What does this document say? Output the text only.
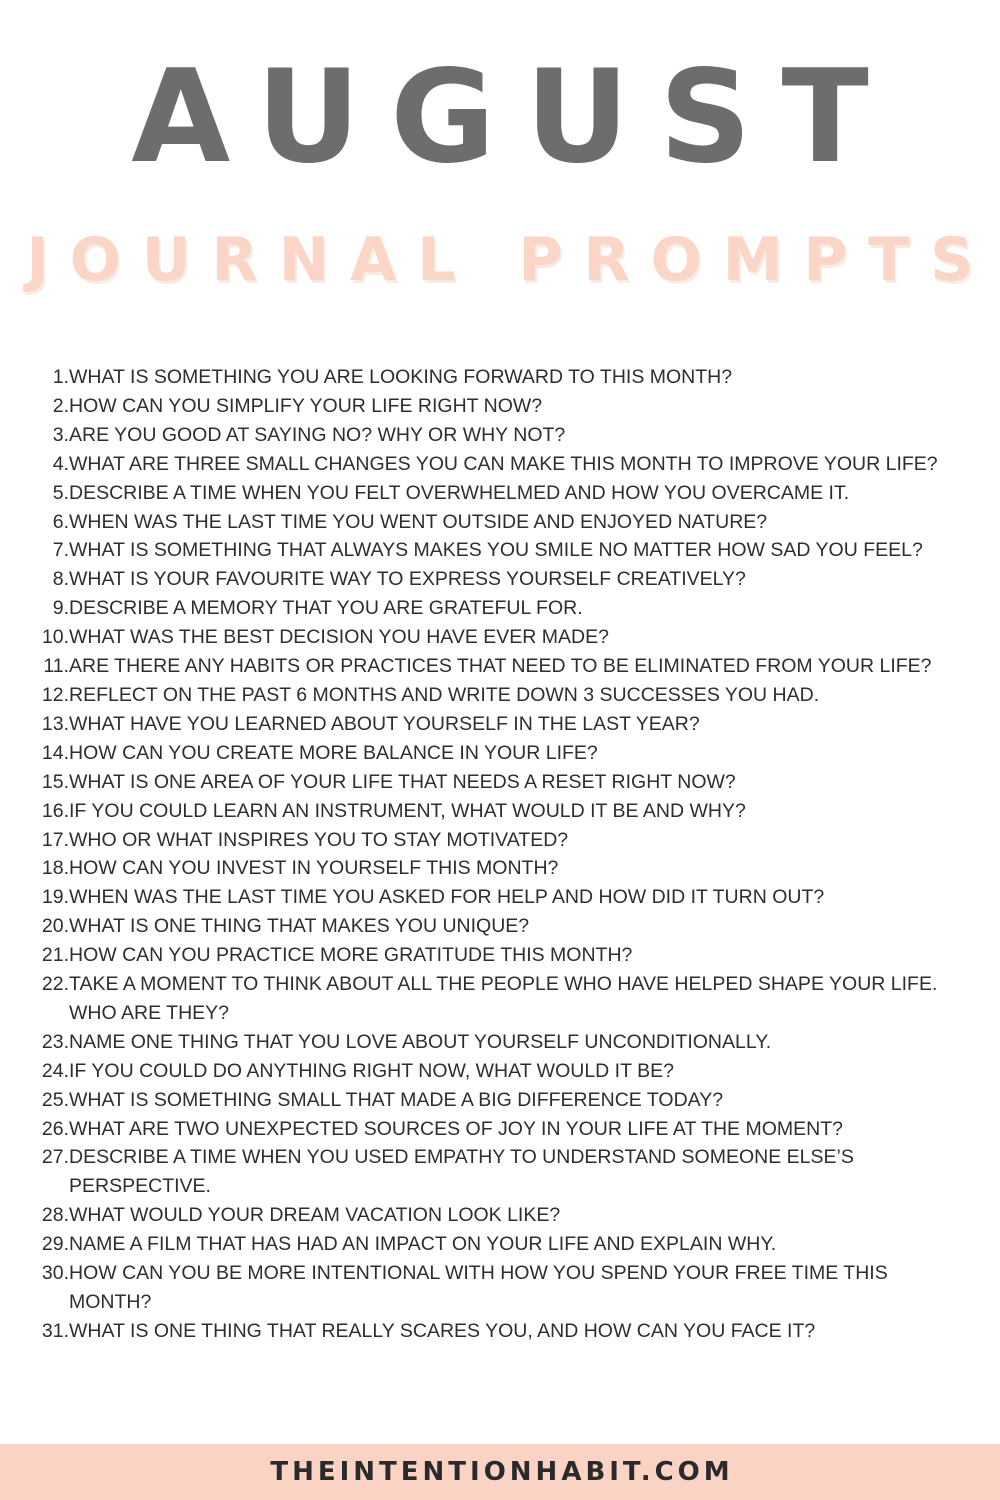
AUGUST
JOURNAL PROMPTS
1. WHAT IS SOMETHING YOU ARE LOOKING FORWARD TO THIS MONTH?
2. HOW CAN YOU SIMPLIFY YOUR LIFE RIGHT NOW?
3. ARE YOU GOOD AT SAYING NO? WHY OR WHY NOT?
4. WHAT ARE THREE SMALL CHANGES YOU CAN MAKE THIS MONTH TO IMPROVE YOUR LIFE?
5. DESCRIBE A TIME WHEN YOU FELT OVERWHELMED AND HOW YOU OVERCAME IT.
6. WHEN WAS THE LAST TIME YOU WENT OUTSIDE AND ENJOYED NATURE?
7. WHAT IS SOMETHING THAT ALWAYS MAKES YOU SMILE NO MATTER HOW SAD YOU FEEL?
8. WHAT IS YOUR FAVOURITE WAY TO EXPRESS YOURSELF CREATIVELY?
9. DESCRIBE A MEMORY THAT YOU ARE GRATEFUL FOR.
10. WHAT WAS THE BEST DECISION YOU HAVE EVER MADE?
11. ARE THERE ANY HABITS OR PRACTICES THAT NEED TO BE ELIMINATED FROM YOUR LIFE?
12. REFLECT ON THE PAST 6 MONTHS AND WRITE DOWN 3 SUCCESSES YOU HAD.
13. WHAT HAVE YOU LEARNED ABOUT YOURSELF IN THE LAST YEAR?
14. HOW CAN YOU CREATE MORE BALANCE IN YOUR LIFE?
15. WHAT IS ONE AREA OF YOUR LIFE THAT NEEDS A RESET RIGHT NOW?
16. IF YOU COULD LEARN AN INSTRUMENT, WHAT WOULD IT BE AND WHY?
17. WHO OR WHAT INSPIRES YOU TO STAY MOTIVATED?
18. HOW CAN YOU INVEST IN YOURSELF THIS MONTH?
19. WHEN WAS THE LAST TIME YOU ASKED FOR HELP AND HOW DID IT TURN OUT?
20. WHAT IS ONE THING THAT MAKES YOU UNIQUE?
21. HOW CAN YOU PRACTICE MORE GRATITUDE THIS MONTH?
22. TAKE A MOMENT TO THINK ABOUT ALL THE PEOPLE WHO HAVE HELPED SHAPE YOUR LIFE. WHO ARE THEY?
23. NAME ONE THING THAT YOU LOVE ABOUT YOURSELF UNCONDITIONALLY.
24. IF YOU COULD DO ANYTHING RIGHT NOW, WHAT WOULD IT BE?
25. WHAT IS SOMETHING SMALL THAT MADE A BIG DIFFERENCE TODAY?
26. WHAT ARE TWO UNEXPECTED SOURCES OF JOY IN YOUR LIFE AT THE MOMENT?
27. DESCRIBE A TIME WHEN YOU USED EMPATHY TO UNDERSTAND SOMEONE ELSE’S PERSPECTIVE.
28. WHAT WOULD YOUR DREAM VACATION LOOK LIKE?
29. NAME A FILM THAT HAS HAD AN IMPACT ON YOUR LIFE AND EXPLAIN WHY.
30. HOW CAN YOU BE MORE INTENTIONAL WITH HOW YOU SPEND YOUR FREE TIME THIS MONTH?
31. WHAT IS ONE THING THAT REALLY SCARES YOU, AND HOW CAN YOU FACE IT?
THEINTENTIONHABIT.COM
